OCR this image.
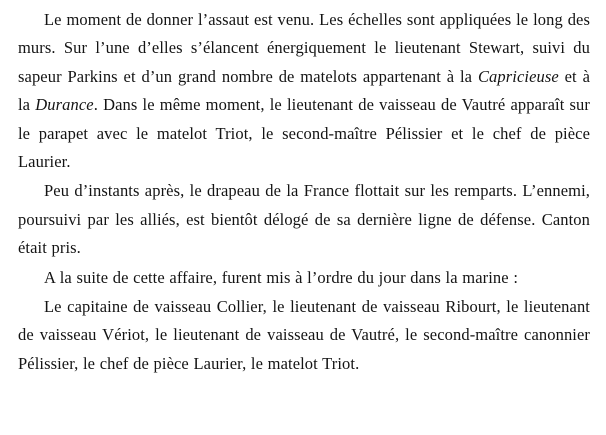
Le moment de donner l’assaut est venu. Les échelles sont appliquées le long des murs. Sur l’une d’elles s’élancent énergiquement le lieutenant Stewart, suivi du sapeur Parkins et d’un grand nombre de matelots appartenant à la Capricieuse et à la Durance. Dans le même moment, le lieutenant de vaisseau de Vautré apparaît sur le parapet avec le matelot Triot, le second-maître Pélissier et le chef de pièce Laurier.

Peu d’instants après, le drapeau de la France flottait sur les remparts. L’ennemi, poursuivi par les alliés, est bientôt délogé de sa dernière ligne de défense. Canton était pris.

A la suite de cette affaire, furent mis à l’ordre du jour dans la marine :

Le capitaine de vaisseau Collier, le lieutenant de vaisseau Ribourt, le lieutenant de vaisseau Vériot, le lieutenant de vaisseau de Vautré, le second-maître canonnier Pélissier, le chef de pièce Laurier, le matelot Triot.
